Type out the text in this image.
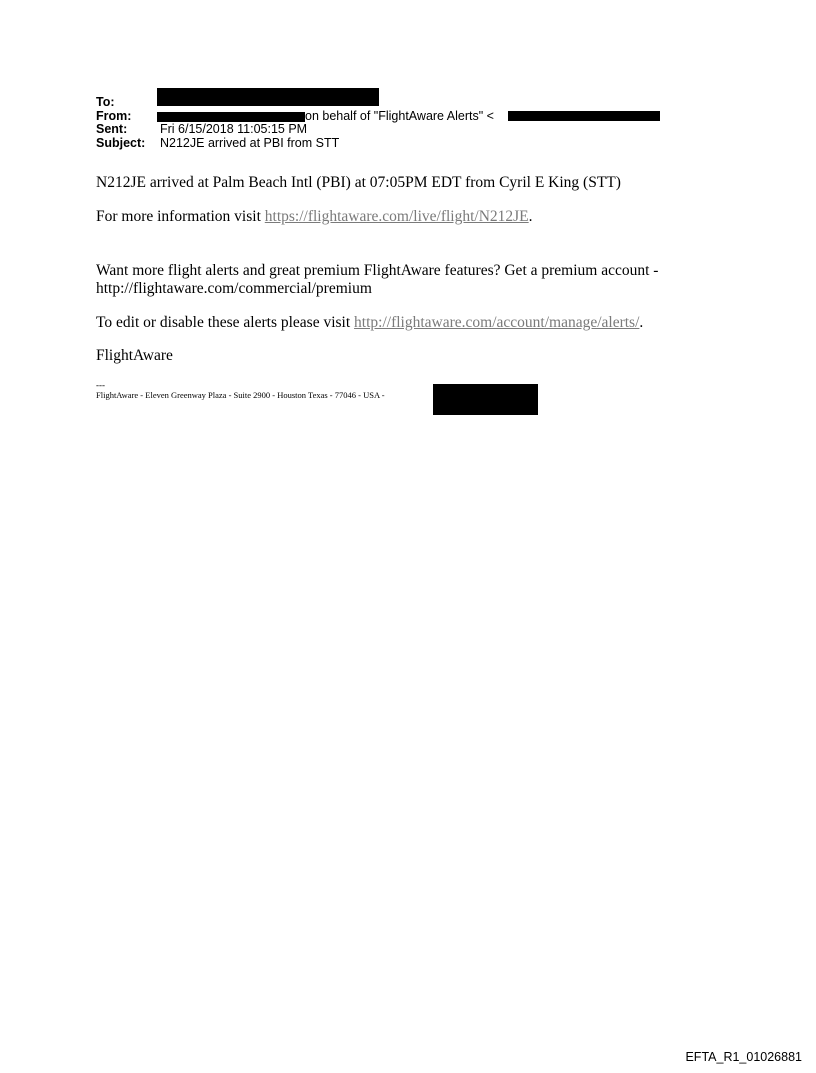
To:
From:	on behalf of "FlightAware Alerts" <
Sent:	Fri 6/15/2018 11:05:15 PM
Subject: N212JE arrived at PBI from STT
N212JE arrived at Palm Beach Intl (PBI) at 07:05PM EDT from Cyril E King (STT)
For more information visit https://flightaware.com/live/flight/N212JE.
Want more flight alerts and great premium FlightAware features? Get a premium account -
http://flightaware.com/commercial/premium
To edit or disable these alerts please visit http://flightaware.com/account/manage/alerts/.
FlightAware
---
FlightAware - Eleven Greenway Plaza - Suite 2900 - Houston Texas - 77046 - USA -
EFTA_R1_01026881
